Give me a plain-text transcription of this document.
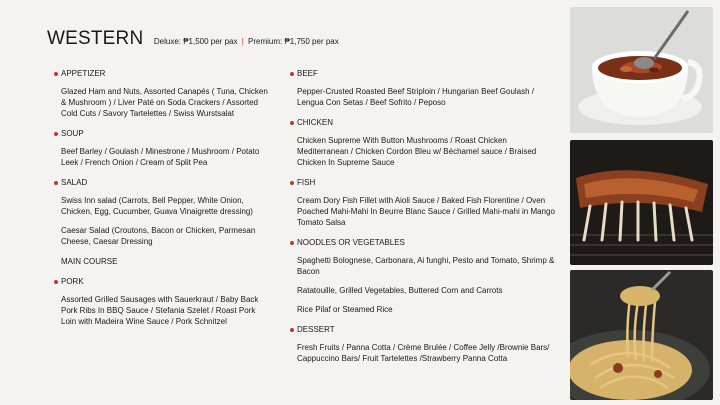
WESTERN Deluxe: ₱1,500 per pax | Premium: ₱1,750 per pax
APPETIZER
Glazed Ham and Nuts, Assorted Canapés ( Tuna, Chicken & Mushroom ) / Liver Paté on Soda Crackers / Assorted Cold Cuts / Savory Tartelettes / Swiss Wurstsalat
SOUP
Beef Barley / Goulash / Minestrone / Mushroom / Potato Leek / French Onion / Cream of Split Pea
SALAD
Swiss Inn salad (Carrots, Bell Pepper, White Onion, Chicken, Egg, Cucumber, Guava Vinaigrette dressing)
Caesar Salad (Croutons, Bacon or Chicken, Parmesan Cheese, Caesar Dressing
MAIN COURSE
PORK
Assorted Grilled Sausages with Sauerkraut / Baby Back Pork Ribs In BBQ Sauce / Stefania Szelet / Roast Pork Loin with Madeira Wine Sauce / Pork Schnitzel
BEEF
Pepper-Crusted Roasted Beef Striploin / Hungarian Beef Goulash / Lengua Con Setas / Beef Sofrito / Peposo
CHICKEN
Chicken Supreme With Button Mushrooms / Roast Chicken Mediterranean / Chicken Cordon Bleu w/ Béchamel sauce / Braised Chicken In Supreme Sauce
FISH
Cream Dory Fish Fillet with Aioli Sauce / Baked Fish Florentine / Oven Poached Mahi-Mahi In Beurre Blanc Sauce / Grilled Mahi-mahi in Mango Tomato Salsa
NOODLES OR VEGETABLES
Spaghetti Bolognese, Carbonara, Ai funghi, Pesto and Tomato, Shrimp & Bacon
Ratatouille, Grilled Vegetables, Buttered Corn and Carrots
Rice Pilaf or Steamed Rice
DESSERT
Fresh Fruits / Panna Cotta / Crème Brulée / Coffee Jelly /Brownie Bars/ Cappuccino Bars/ Fruit Tartelettes /Strawberry Panna Cotta
